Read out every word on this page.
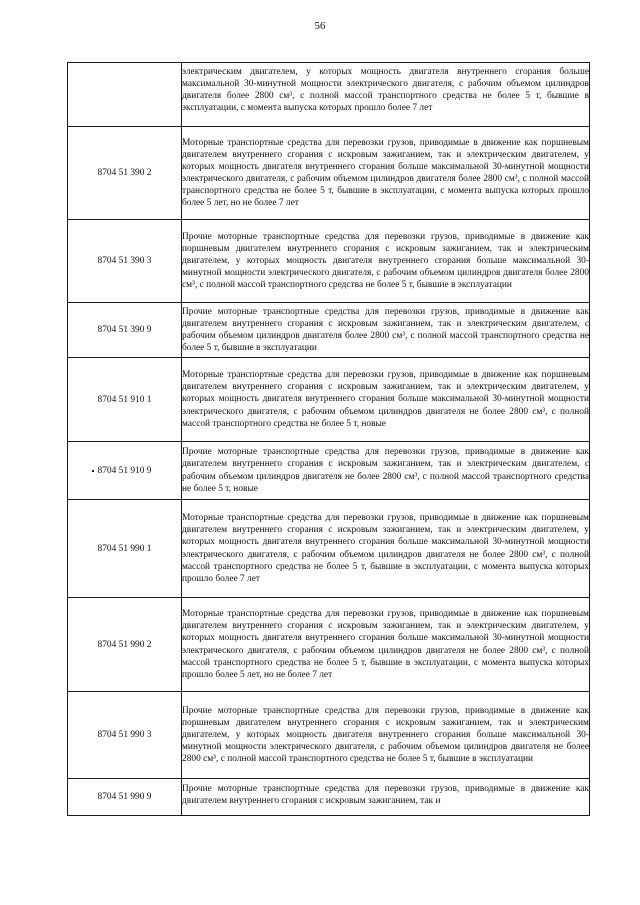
56

	электрическим двигателем, у которых мощность двигателя внутреннего сгорания больше максимальной 30-минутной мощности электрического двигателя, с рабочим объемом цилиндров двигателя более 2800 см³, с полной массой транспортного средства не более 5 т, бывшие в эксплуатации, с момента выпуска которых прошло более 7 лет

8704 51 390 2	Моторные транспортные средства для перевозки грузов, приводимые в движение как поршневым двигателем внутреннего сгорания с искровым зажиганием, так и электрическим двигателем, у которых мощность двигателя внутреннего сгорания больше максимальной 30-минутной мощности электрического двигателя, с рабочим объемом цилиндров двигателя более 2800 см³, с полной массой транспортного средства не более 5 т, бывшие в эксплуатации, с момента выпуска которых прошло более 5 лет, но не более 7 лет

8704 51 390 3	Прочие моторные транспортные средства для перевозки грузов, приводимые в движение как поршневым двигателем внутреннего сгорания с искровым зажиганием, так и электрическим двигателем, у которых мощность двигателя внутреннего сгорания больше максимальной 30-минутной мощности электрического двигателя, с рабочим объемом цилиндров двигателя более 2800 см³, с полной массой транспортного средства не более 5 т, бывшие в эксплуатации

8704 51 390 9	Прочие моторные транспортные средства для перевозки грузов, приводимые в движение как двигателем внутреннего сгорания с искровым зажиганием, так и электрическим двигателем, с рабочим объемом цилиндров двигателя более 2800 см³, с полной массой транспортного средства не более 5 т, бывшие в эксплуатации

8704 51 910 1	Моторные транспортные средства для перевозки грузов, приводимые в движение как поршневым двигателем внутреннего сгорания с искровым зажиганием, так и электрическим двигателем, у которых мощность двигателя внутреннего сгорания больше максимальной 30-минутной мощности электрического двигателя, с рабочим объемом цилиндров двигателя не более 2800 см³, с полной массой транспортного средства не более 5 т, новые

8704 51 910 9	Прочие моторные транспортные средства для перевозки грузов, приводимые в движение как двигателем внутреннего сгорания с искровым зажиганием, так и электрическим двигателем, с рабочим объемом цилиндров двигателя не более 2800 см³, с полной массой транспортного средства не более 5 т, новые

8704 51 990 1	Моторные транспортные средства для перевозки грузов, приводимые в движение как поршневым двигателем внутреннего сгорания с искровым зажиганием, так и электрическим двигателем, у которых мощность двигателя внутреннего сгорания больше максимальной 30-минутной мощности электрического двигателя, с рабочим объемом цилиндров двигателя не более 2800 см³, с полной массой транспортного средства не более 5 т, бывшие в эксплуатации, с момента выпуска которых прошло более 7 лет

8704 51 990 2	Моторные транспортные средства для перевозки грузов, приводимые в движение как поршневым двигателем внутреннего сгорания с искровым зажиганием, так и электрическим двигателем, у которых мощность двигателя внутреннего сгорания больше максимальной 30-минутной мощности электрического двигателя, с рабочим объемом цилиндров двигателя не более 2800 см³, с полной массой транспортного средства не более 5 т, бывшие в эксплуатации, с момента выпуска которых прошло более 5 лет, но не более 7 лет

8704 51 990 3	Прочие моторные транспортные средства для перевозки грузов, приводимые в движение как поршневым двигателем внутреннего сгорания с искровым зажиганием, так и электрическим двигателем, у которых мощность двигателя внутреннего сгорания больше максимальной 30-минутной мощности электрического двигателя, с рабочим объемом цилиндров двигателя не более 2800 см³, с полной массой транспортного средства не более 5 т, бывшие в эксплуатации

8704 51 990 9	Прочие моторные транспортные средства для перевозки грузов, приводимые в движение как двигателем внутреннего сгорания с искровым зажиганием, так и
